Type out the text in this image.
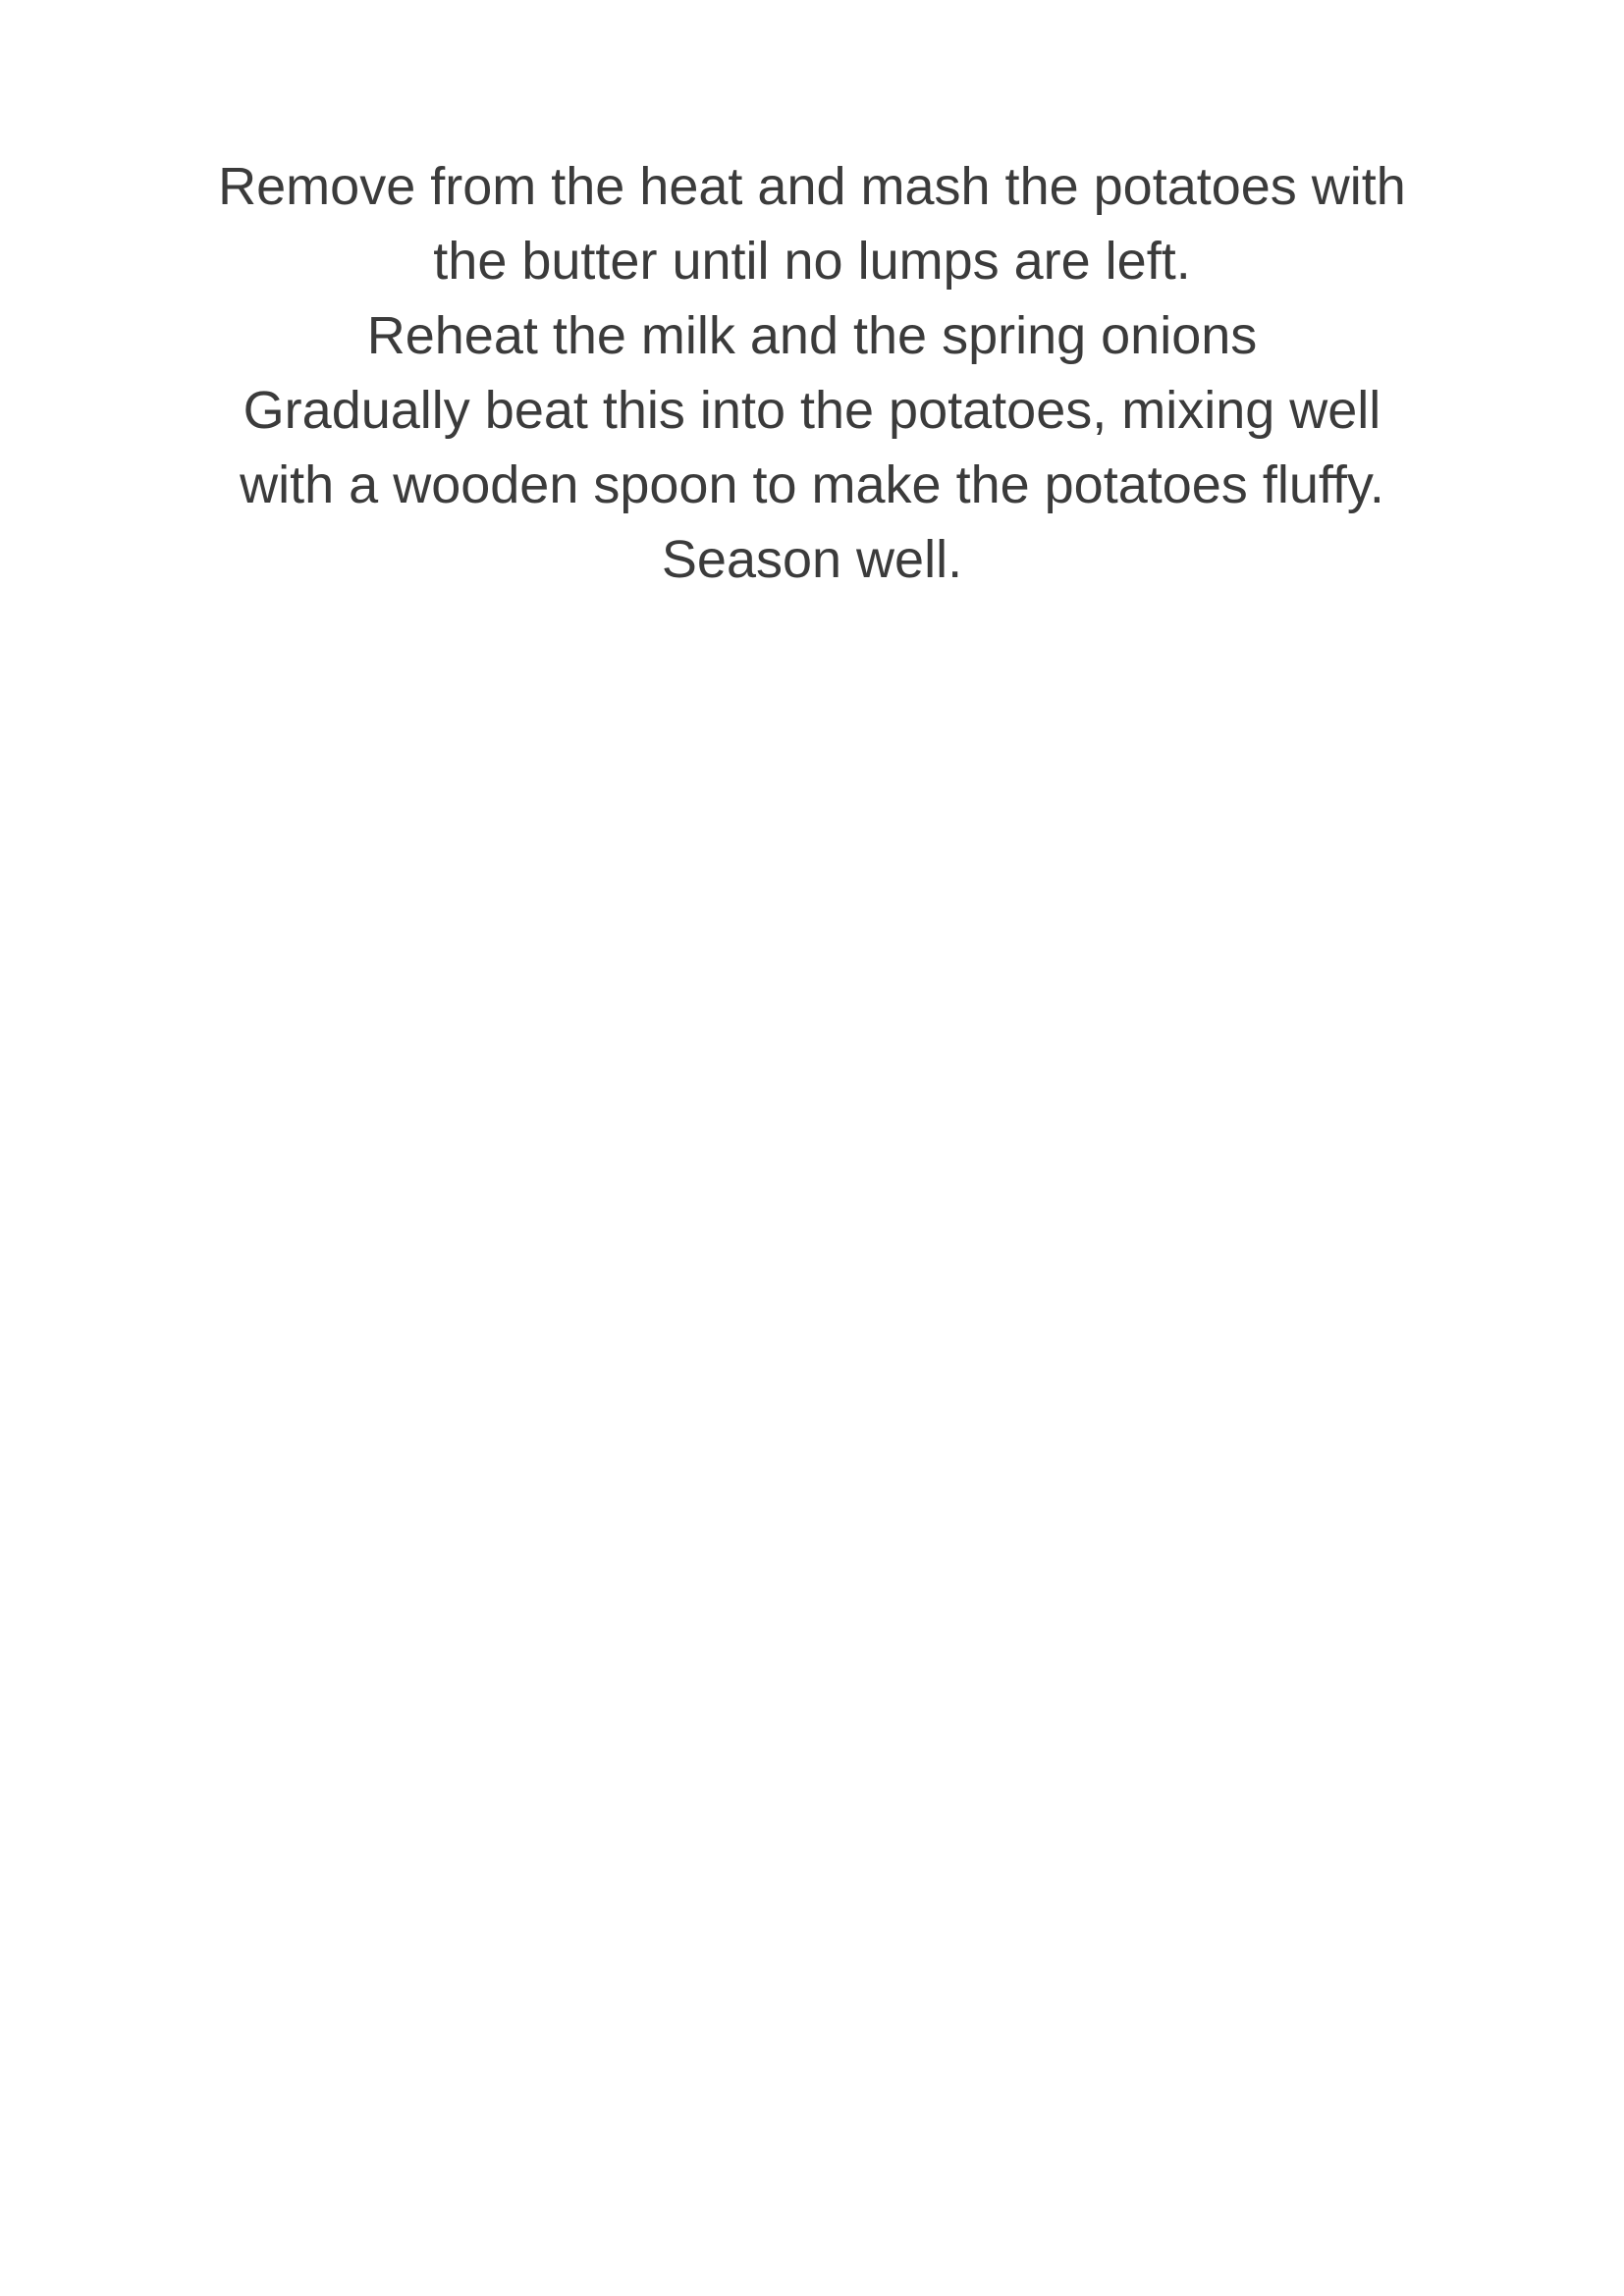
Remove from the heat and mash the potatoes with
the butter until no lumps are left.
Reheat the milk and the spring onions
Gradually beat this into the potatoes, mixing well
with a wooden spoon to make the potatoes fluffy.
Season well.
